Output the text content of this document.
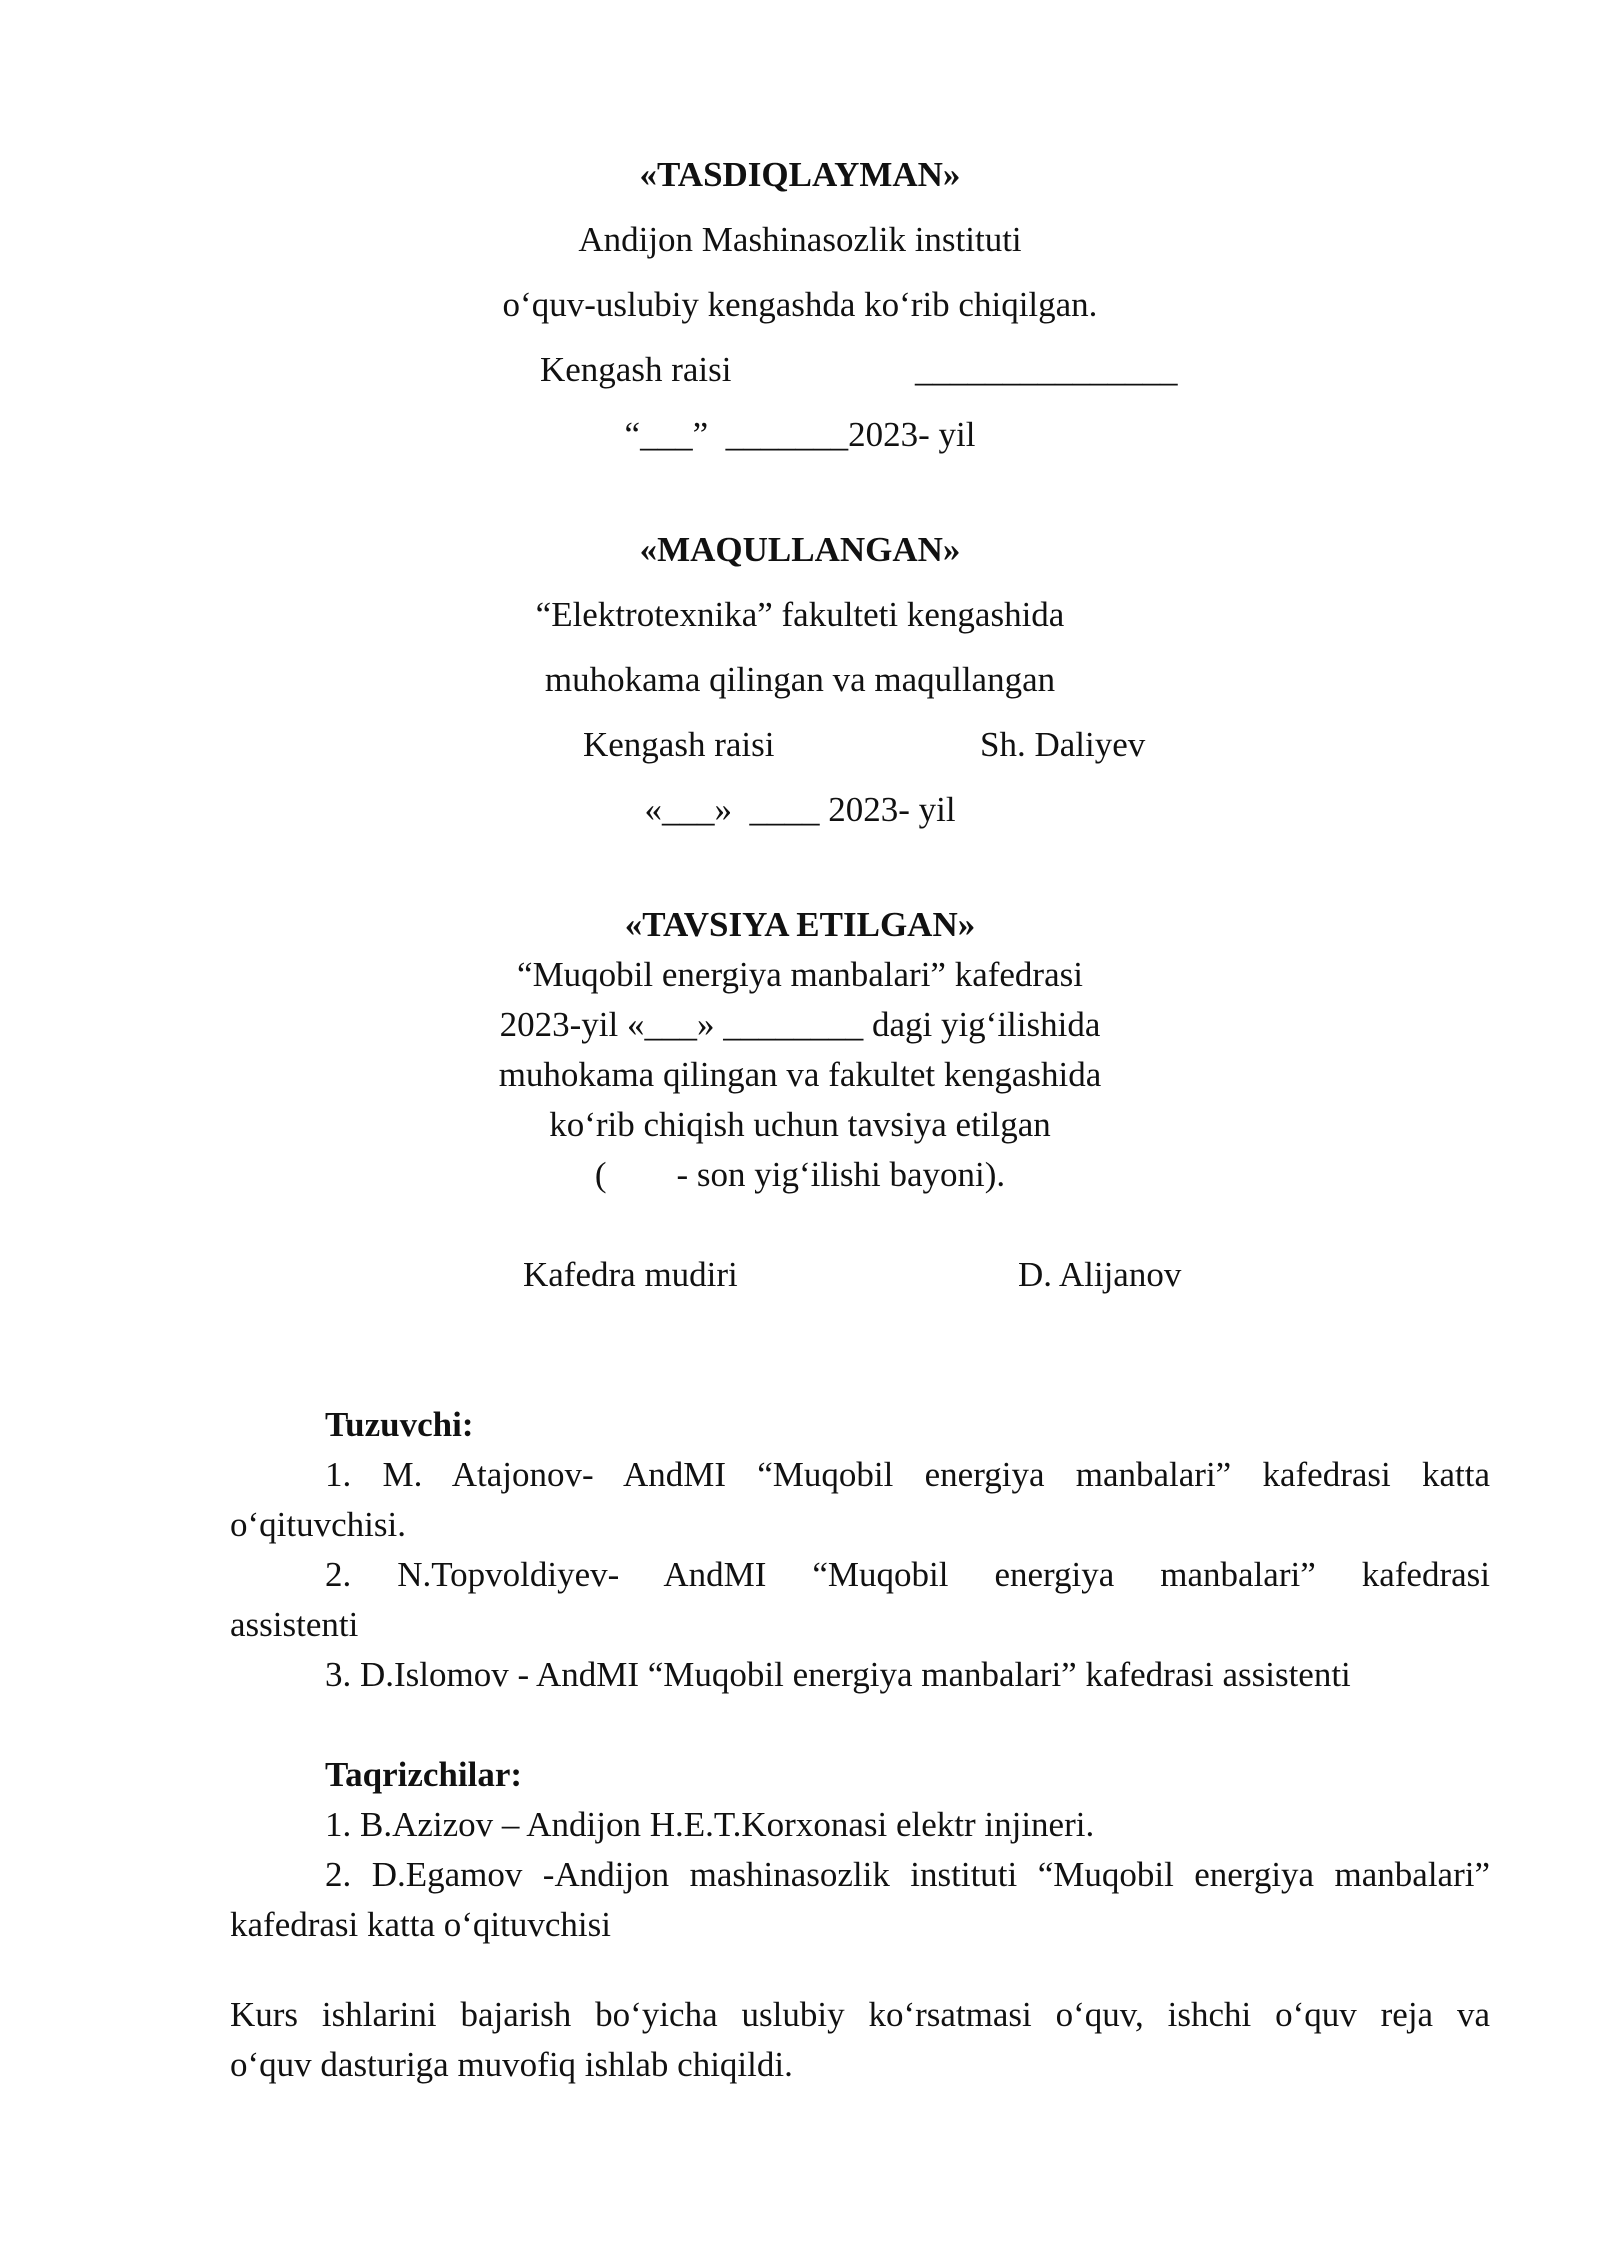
«TASDIQLAYMAN»
Andijon Mashinasozlik instituti
o‘quv-uslubiy kengashda ko‘rib chiqilgan.
Kengash raisi	_______________
“___”  _______2023- yil
«MAQULLANGAN»
“Elektrotexnika” fakulteti kengashida
muhokama qilingan va maqullangan
Kengash raisi	Sh. Daliyev
«___»  ____ 2023- yil
«TAVSIYA ETILGAN»
“Muqobil energiya manbalari” kafedrasi
2023-yil «___» ________ dagi yig‘ilishida
muhokama qilingan va fakultet kengashida
ko‘rib chiqish uchun tavsiya etilgan
(        - son yig‘ilishi bayoni).
Kafedra mudiri	D. Alijanov
Tuzuvchi:
1. M. Atajonov- AndMI “Muqobil energiya manbalari” kafedrasi katta
o‘qituvchisi.
2. N.Topvoldiyev- AndMI “Muqobil energiya manbalari” kafedrasi
assistenti
3. D.Islomov - AndMI “Muqobil energiya manbalari” kafedrasi assistenti
Taqrizchilar:
1. B.Azizov – Andijon H.E.T.Korxonasi elektr injineri.
2. D.Egamov -Andijon mashinasozlik instituti “Muqobil energiya manbalari”
kafedrasi katta o‘qituvchisi
Kurs ishlarini bajarish bo‘yicha uslubiy ko‘rsatmasi o‘quv, ishchi o‘quv reja va
o‘quv dasturiga muvofiq ishlab chiqildi.
